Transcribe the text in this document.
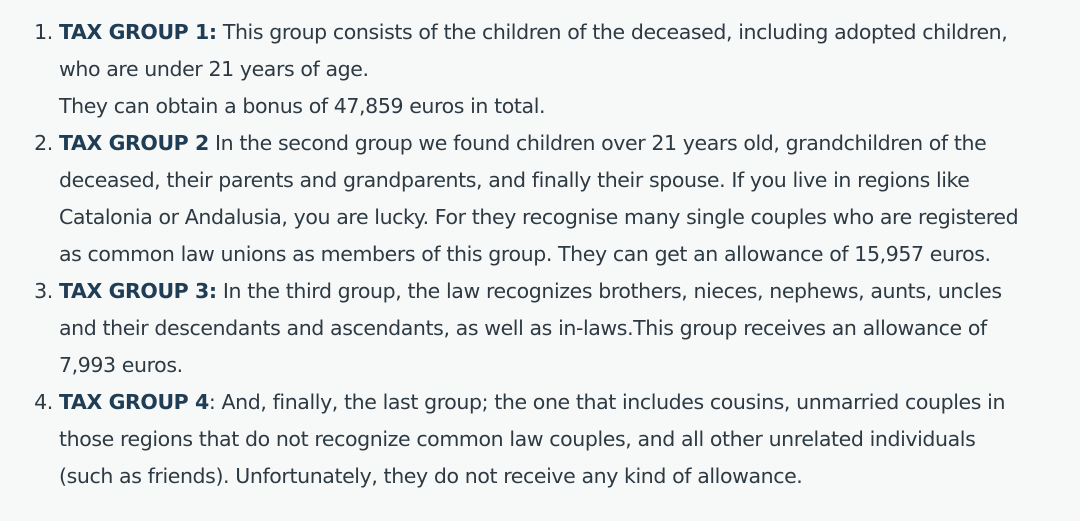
1. TAX GROUP 1: This group consists of the children of the deceased, including adopted children,
who are under 21 years of age.
They can obtain a bonus of 47,859 euros in total.
2. TAX GROUP 2 In the second group we found children over 21 years old, grandchildren of the
deceased, their parents and grandparents, and finally their spouse. If you live in regions like
Catalonia or Andalusia, you are lucky. For they recognise many single couples who are registered
as common law unions as members of this group. They can get an allowance of 15,957 euros.
3. TAX GROUP 3: In the third group, the law recognizes brothers, nieces, nephews, aunts, uncles
and their descendants and ascendants, as well as in-laws.This group receives an allowance of
7,993 euros.
4. TAX GROUP 4: And, finally, the last group; the one that includes cousins, unmarried couples in
those regions that do not recognize common law couples, and all other unrelated individuals
(such as friends). Unfortunately, they do not receive any kind of allowance.
